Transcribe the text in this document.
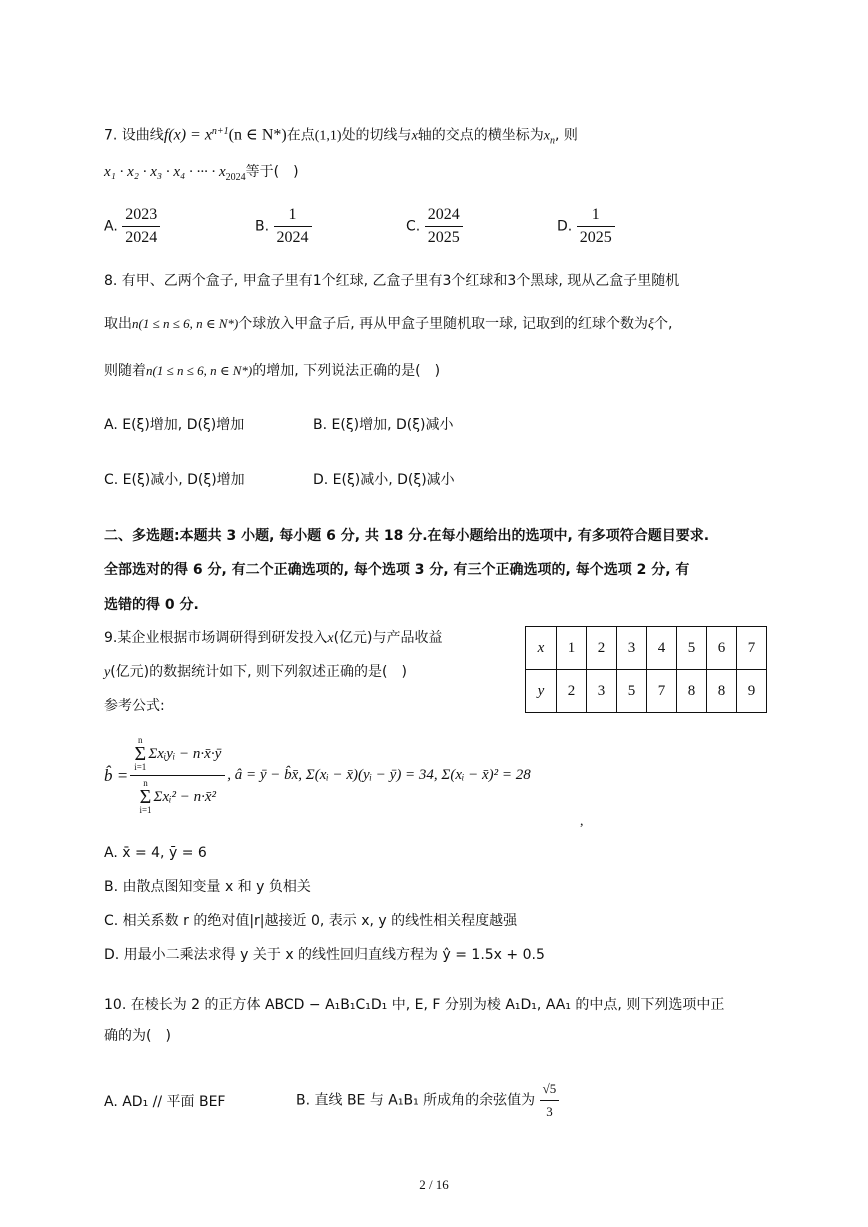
7. 设曲线$f(x) = x^{n+1}(n$ ∈ N*)在点(1,1)处的切线与x轴的交点的横坐标为$x_n$, 则
x₁ · x₂ · x₃ · x₄ · ··· · $x_{2024}$等于(　)
A. $\frac{2023}{2024}$	B. $\frac{1}{2024}$	C. $\frac{2024}{2025}$	D. $\frac{1}{2025}$
8. 有甲、乙两个盒子, 甲盒子里有1个红球, 乙盒子里有3个红球和3个黑球, 现从乙盒子里随机
取出n(1 ≤ n ≤ 6, n ∈ N*)个球放入甲盒子后, 再从甲盒子里随机取一球, 记取到的红球个数为ξ个,
则随着n(1 ≤ n ≤ 6, n ∈ N*)的增加, 下列说法正确的是(　)
A. E(ξ)增加, D(ξ)增加	B. E(ξ)增加, D(ξ)减小
C. E(ξ)减小, D(ξ)增加	D. E(ξ)减小, D(ξ)减小
二、多选题:本题共 3 小题, 每小题 6 分, 共 18 分.在每小题给出的选项中, 有多项符合题目要求.
全部选对的得 6 分, 有二个正确选项的, 每个选项 3 分, 有三个正确选项的, 每个选项 2 分, 有
选错的得 0 分.
9.某企业根据市场调研得到研发投入x(亿元)与产品收益
y(亿元)的数据统计如下, 则下列叙述正确的是(　)
参考公式:
x	1	2	3	4	5	6	7
y	2	3	5	7	8	8	9
b̂ =
n
Σ
i=1
Σxᵢyᵢ − n·x̄·ȳ
n
Σ
i=1
Σxᵢ² − n·x̄²
, â = ȳ − b̂x̄, Σ(xᵢ − x̄)(yᵢ − ȳ) = 34, Σ(xᵢ − x̄)² = 28
,
A. x̄ = 4, ȳ = 6
B. 由散点图知变量 x 和 y 负相关
C. 相关系数 r 的绝对值|r|越接近 0, 表示 x, y 的线性相关程度越强
D. 用最小二乘法求得 y 关于 x 的线性回归直线方程为 ŷ = 1.5x + 0.5
10. 在棱长为 2 的正方体 ABCD − A₁B₁C₁D₁ 中, E, F 分别为棱 A₁D₁, AA₁ 的中点, 则下列选项中正
确的为(　)
A. AD₁ // 平面 BEF	B. 直线 BE 与 A₁B₁ 所成角的余弦值为 $\frac{√5}{3}$
2 / 16
